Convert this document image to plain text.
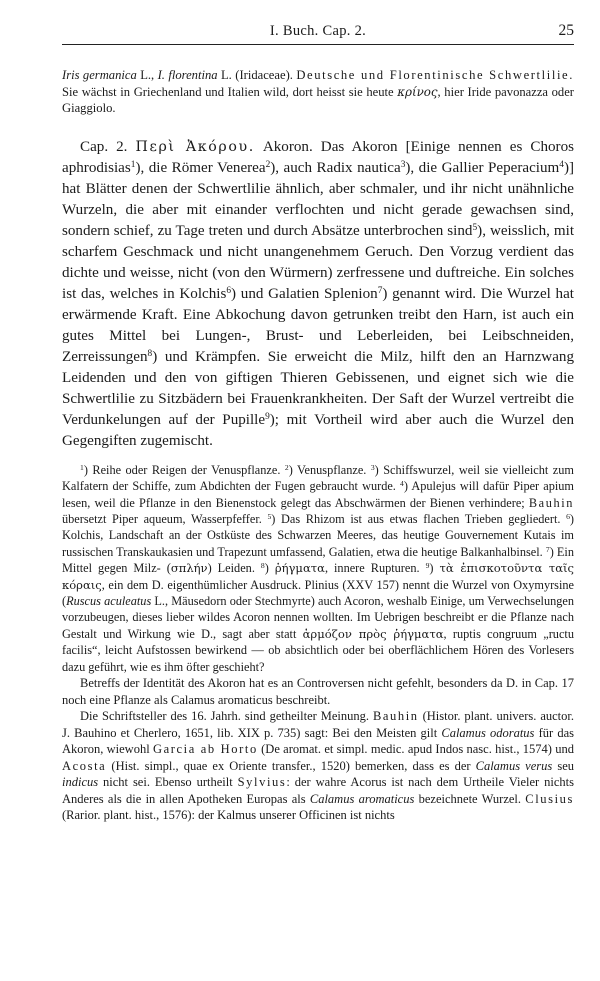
I. Buch. Cap. 2.	25
Iris germanica L., I. florentina L. (Iridaceae). Deutsche und Florentinische Schwertlilie. Sie wächst in Griechenland und Italien wild, dort heisst sie heute κρίνος, hier Iride pavonazza oder Giaggiolo.
Cap. 2. Περὶ Ἀκόρου. Akoron. Das Akoron [Einige nennen es Choros aphrodisias$^1$), die Römer Venerea$^2$), auch Radix nautica$^3$), die Gallier Peperacium$^4$)] hat Blätter denen der Schwertlilie ähnlich, aber schmaler, und ihr nicht unähnliche Wurzeln, die aber mit einander verflochten und nicht gerade gewachsen sind, sondern schief, zu Tage treten und durch Absätze unterbrochen sind$^5$), weisslich, mit scharfem Geschmack und nicht unangenehmem Geruch. Den Vorzug verdient das dichte und weisse, nicht (von den Würmern) zerfressene und duftreiche. Ein solches ist das, welches in Kolchis$^6$) und Galatien Splenion$^7$) genannt wird. Die Wurzel hat erwärmende Kraft. Eine Abkochung davon getrunken treibt den Harn, ist auch ein gutes Mittel bei Lungen-, Brust- und Leberleiden, bei Leibschneiden, Zerreissungen$^8$) und Krämpfen. Sie erweicht die Milz, hilft den an Harnzwang Leidenden und den von giftigen Thieren Gebissenen, und eignet sich wie die Schwertlilie zu Sitzbädern bei Frauenkrankheiten. Der Saft der Wurzel vertreibt die Verdunkelungen auf der Pupille$^9$); mit Vortheil wird aber auch die Wurzel den Gegengiften zugemischt.
$^1$) Reihe oder Reigen der Venuspflanze. $^2$) Venuspflanze. $^3$) Schiffswurzel, weil sie vielleicht zum Kalfatern der Schiffe, zum Abdichten der Fugen gebraucht wurde. $^4$) Apulejus will dafür Piper apium lesen, weil die Pflanze in den Bienenstock gelegt das Abschwärmen der Bienen verhindere; Bauhin übersetzt Piper aqueum, Wasserpfeffer. $^5$) Das Rhizom ist aus etwas flachen Trieben gegliedert. $^6$) Kolchis, Landschaft an der Ostküste des Schwarzen Meeres, das heutige Gouvernement Kutais im russischen Transkaukasien und Trapezunt umfassend, Galatien, etwa die heutige Balkanhalbinsel. $^7$) Ein Mittel gegen Milz- (σπλήν) Leiden. $^8$) ῥήγματα, innere Rupturen. $^9$) τὰ ἐπισκοτοῦντα ταῖς κόραις, ein dem D. eigenthümlicher Ausdruck. Plinius (XXV 157) nennt die Wurzel von Oxymyrsine (Ruscus aculeatus L., Mäusedorn oder Stechmyrte) auch Acoron, weshalb Einige, um Verwechselungen vorzubeugen, dieses lieber wildes Acoron nennen wollten. Im Uebrigen beschreibt er die Pflanze nach Gestalt und Wirkung wie D., sagt aber statt ἁρμόζον πρὸς ῥήγματα, ruptis congruum „ructu facilis“, leicht Aufstossen bewirkend — ob absichtlich oder bei oberflächlichem Hören des Vorlesers dazu geführt, wie es ihm öfter geschieht?
Betreffs der Identität des Akoron hat es an Controversen nicht gefehlt, besonders da D. in Cap. 17 noch eine Pflanze als Calamus aromaticus beschreibt.
Die Schriftsteller des 16. Jahrh. sind getheilter Meinung. Bauhin (Histor. plant. univers. auctor. J. Bauhino et Cherlero, 1651, lib. XIX p. 735) sagt: Bei den Meisten gilt Calamus odoratus für das Akoron, wiewohl Garcia ab Horto (De aromat. et simpl. medic. apud Indos nasc. hist., 1574) und Acosta (Hist. simpl., quae ex Oriente transfer., 1520) bemerken, dass es der Calamus verus seu indicus nicht sei. Ebenso urtheilt Sylvius: der wahre Acorus ist nach dem Urtheile Vieler nichts Anderes als die in allen Apotheken Europas als Calamus aromaticus bezeichnete Wurzel. Clusius (Rarior. plant. hist., 1576): der Kalmus unserer Officinen ist nichts
